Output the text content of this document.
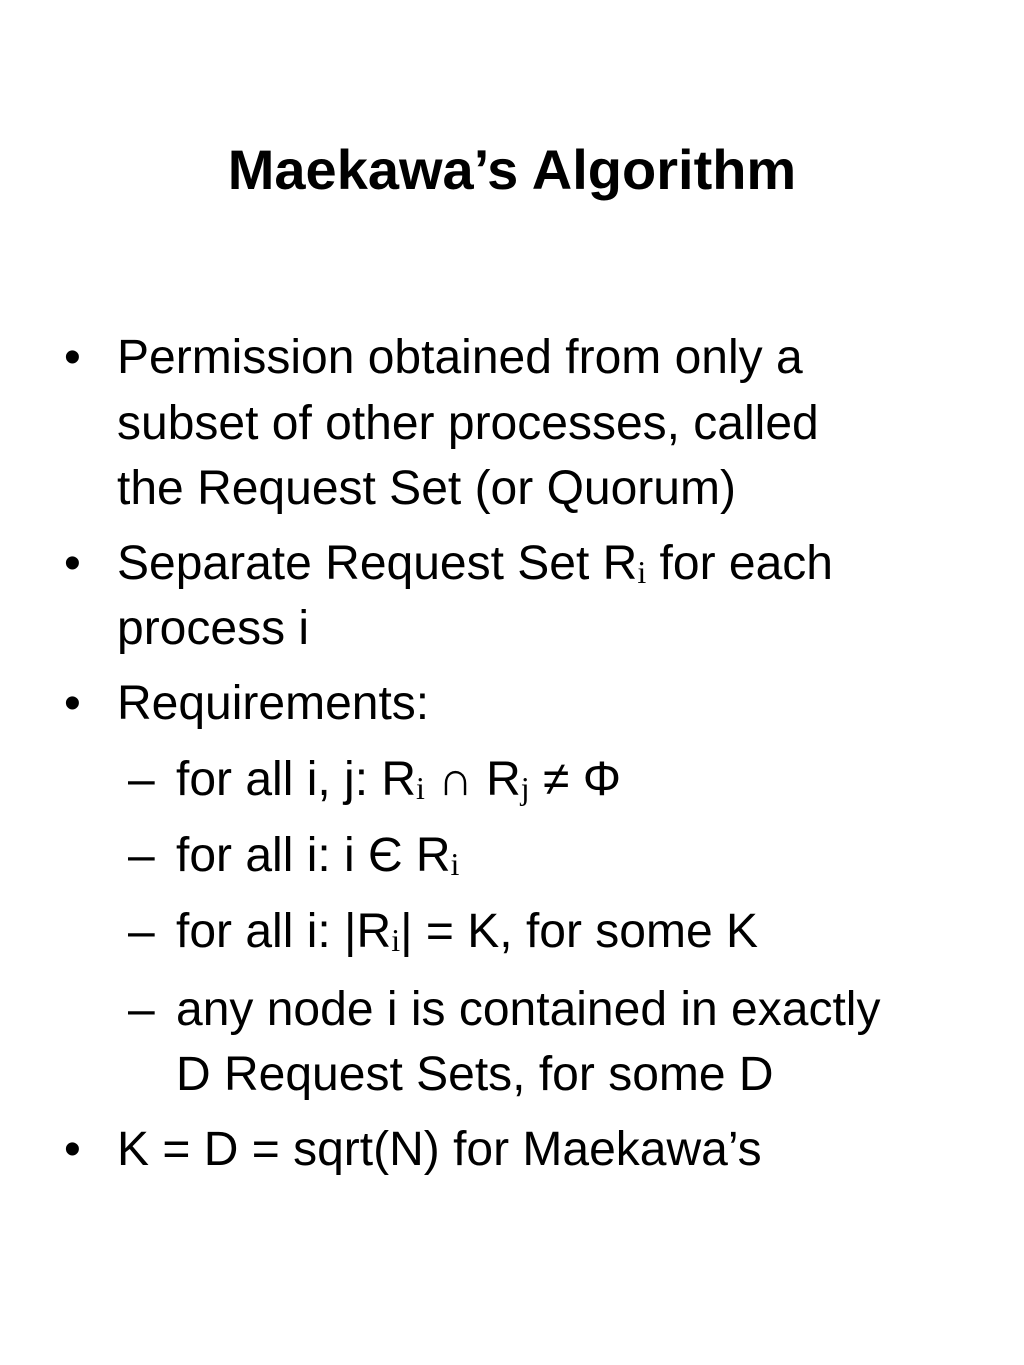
Maekawa’s Algorithm
• Permission obtained from only a
subset of other processes, called
the Request Set (or Quorum)
• Separate Request Set Ri for each
process i
• Requirements:
– for all i, j: Ri ∩ Rj ≠ Φ
– for all i: i Є Ri
– for all i: |Ri| = K, for some K
– any node i is contained in exactly
D Request Sets, for some D
• K = D = sqrt(N) for Maekawa’s
